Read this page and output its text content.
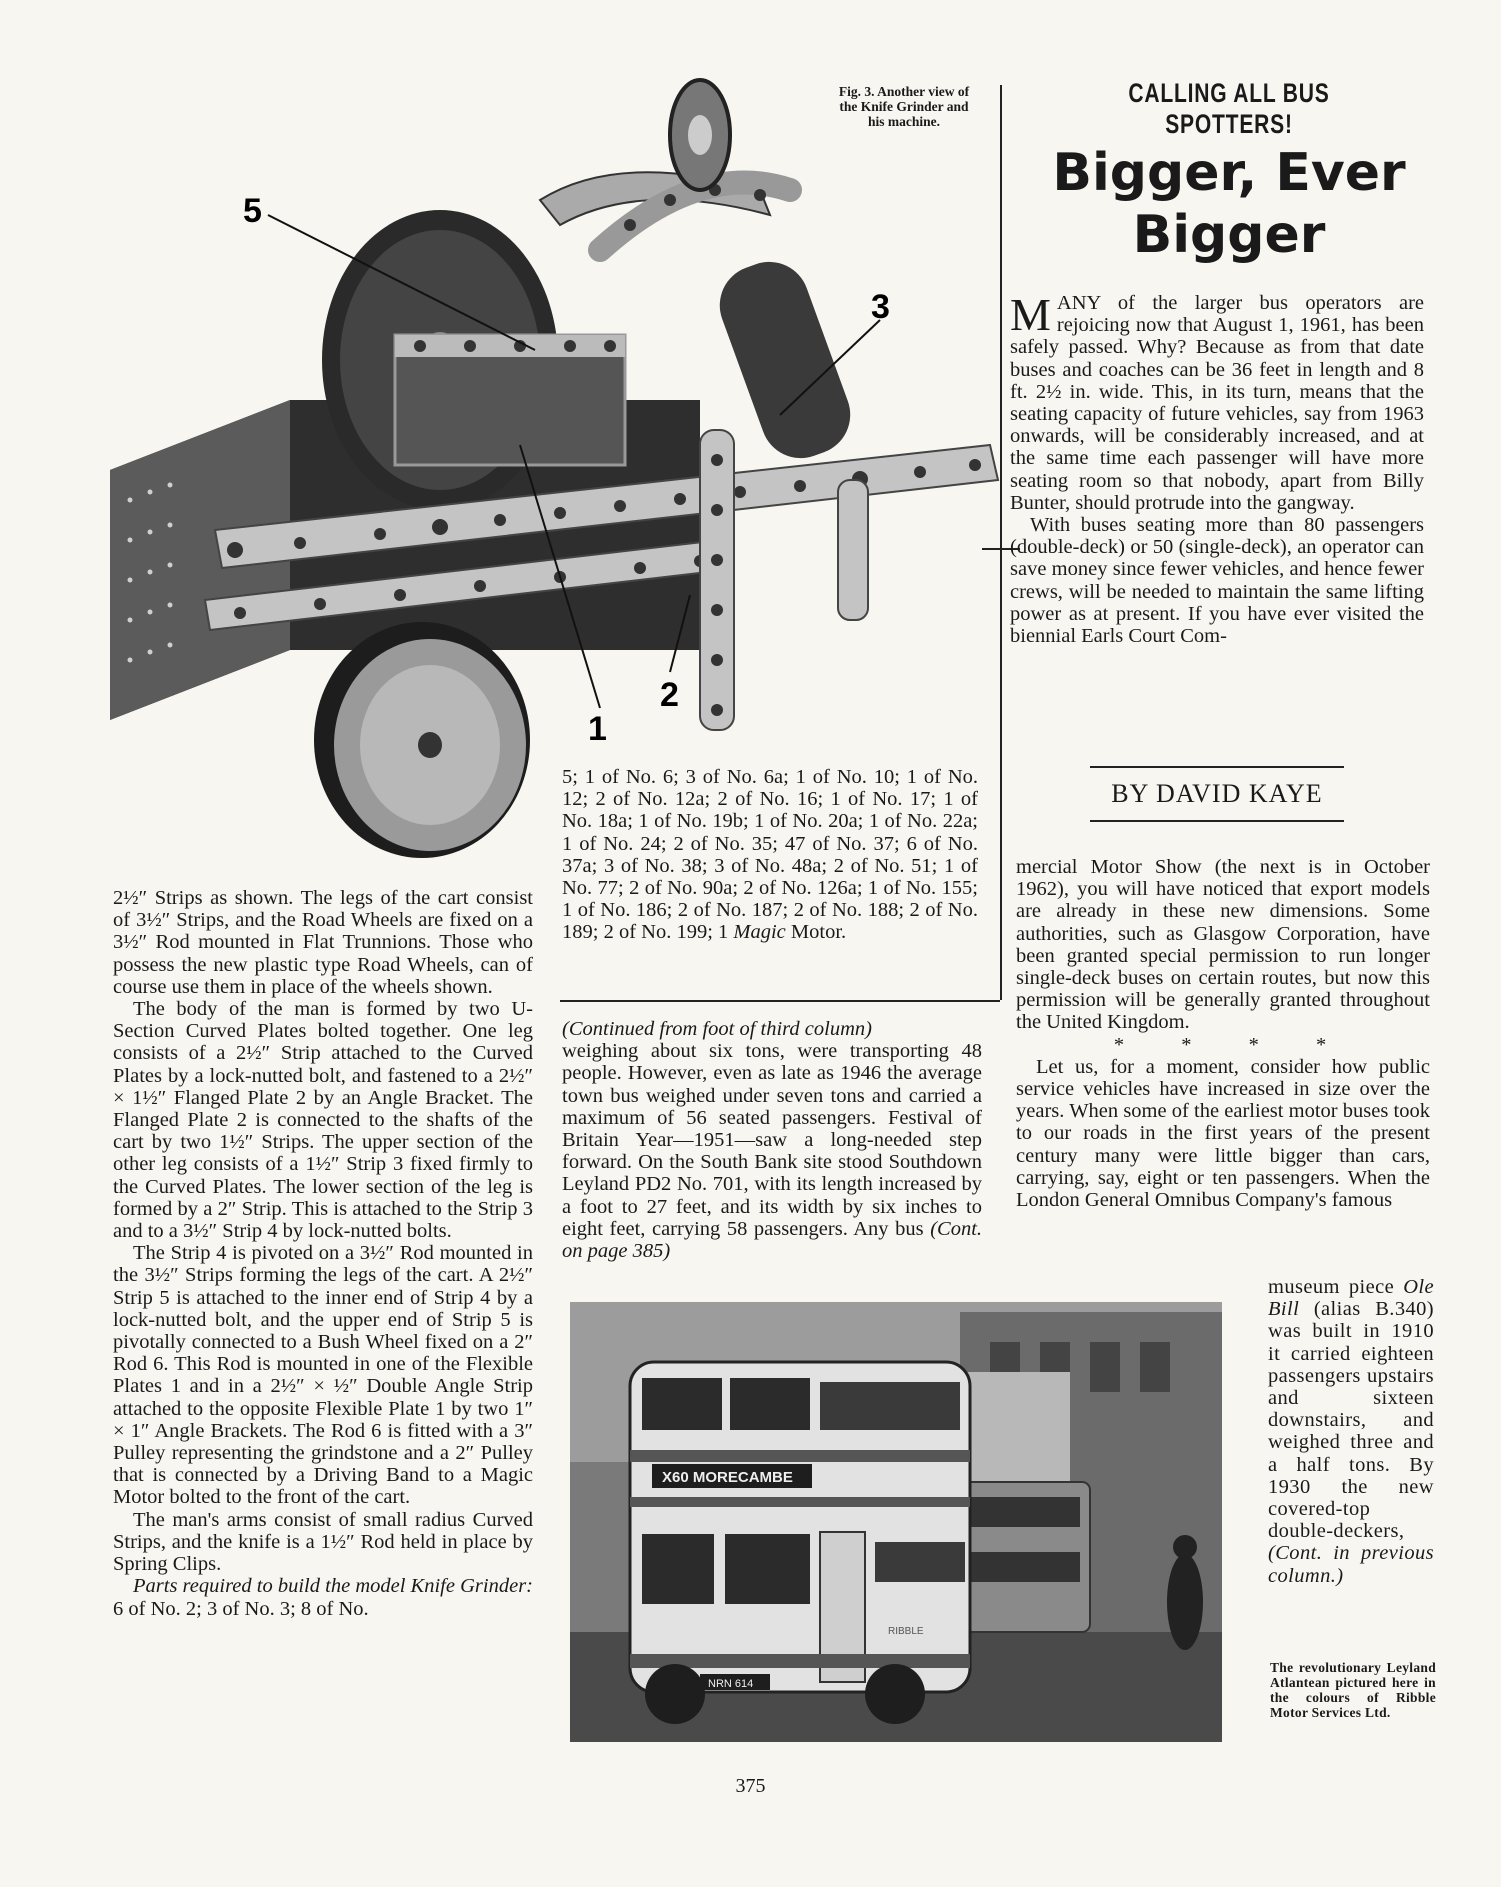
5
3
1
2
Fig. 3. Another view of the Knife Grinder and his machine.

2½″ Strips as shown. The legs of the cart consist of 3½″ Strips, and the Road Wheels are fixed on a 3½″ Rod mounted in Flat Trunnions. Those who possess the new plastic type Road Wheels, can of course use them in place of the wheels shown.

The body of the man is formed by two U-Section Curved Plates bolted together. One leg consists of a 2½″ Strip attached to the Curved Plates by a lock-nutted bolt, and fastened to a 2½″ × 1½″ Flanged Plate 2 by an Angle Bracket. The Flanged Plate 2 is connected to the shafts of the cart by two 1½″ Strips. The upper section of the other leg consists of a 1½″ Strip 3 fixed firmly to the Curved Plates. The lower section of the leg is formed by a 2″ Strip. This is attached to the Strip 3 and to a 3½″ Strip 4 by lock-nutted bolts.

The Strip 4 is pivoted on a 3½″ Rod mounted in the 3½″ Strips forming the legs of the cart. A 2½″ Strip 5 is attached to the inner end of Strip 4 by a lock-nutted bolt, and the upper end of Strip 5 is pivotally connected to a Bush Wheel fixed on a 2″ Rod 6. This Rod is mounted in one of the Flexible Plates 1 and in a 2½″ × ½″ Double Angle Strip attached to the opposite Flexible Plate 1 by two 1″ × 1″ Angle Brackets. The Rod 6 is fitted with a 3″ Pulley representing the grindstone and a 2″ Pulley that is connected by a Driving Band to a Magic Motor bolted to the front of the cart.

The man's arms consist of small radius Curved Strips, and the knife is a 1½″ Rod held in place by Spring Clips.

Parts required to build the model Knife Grinder: 6 of No. 2; 3 of No. 3; 8 of No.

5; 1 of No. 6; 3 of No. 6a; 1 of No. 10; 1 of No. 12; 2 of No. 12a; 2 of No. 16; 1 of No. 17; 1 of No. 18a; 1 of No. 19b; 1 of No. 20a; 1 of No. 22a; 1 of No. 24; 2 of No. 35; 47 of No. 37; 6 of No. 37a; 3 of No. 38; 3 of No. 48a; 2 of No. 51; 1 of No. 77; 2 of No. 90a; 2 of No. 126a; 1 of No. 155; 1 of No. 186; 2 of No. 187; 2 of No. 188; 2 of No. 189; 2 of No. 199; 1 Magic Motor.

(Continued from foot of third column)

weighing about six tons, were transporting 48 people. However, even as late as 1946 the average town bus weighed under seven tons and carried a maximum of 56 seated passengers. Festival of Britain Year—1951—saw a long-needed step forward. On the South Bank site stood Southdown Leyland PD2 No. 701, with its length increased by a foot to 27 feet, and its width by six inches to eight feet, carrying 58 passengers. Any bus (Cont. on page 385)

CALLING ALL BUS SPOTTERS!
Bigger, Ever Bigger

MANY of the larger bus operators are rejoicing now that August 1, 1961, has been safely passed. Why? Because as from that date buses and coaches can be 36 feet in length and 8 ft. 2½ in. wide. This, in its turn, means that the seating capacity of future vehicles, say from 1963 onwards, will be considerably increased, and at the same time each passenger will have more seating room so that nobody, apart from Billy Bunter, should protrude into the gangway.

With buses seating more than 80 passengers (double-deck) or 50 (single-deck), an operator can save money since fewer vehicles, and hence fewer crews, will be needed to maintain the same lifting power as at present. If you have ever visited the biennial Earls Court Com-

BY DAVID KAYE

mercial Motor Show (the next is in October 1962), you will have noticed that export models are already in these new dimensions. Some authorities, such as Glasgow Corporation, have been granted special permission to run longer single-deck buses on certain routes, but now this permission will be generally granted throughout the United Kingdom.

* * * *

Let us, for a moment, consider how public service vehicles have increased in size over the years. When some of the earliest motor buses took to our roads in the first years of the present century many were little bigger than cars, carrying, say, eight or ten passengers. When the London General Omnibus Company's famous

museum piece Ole Bill (alias B.340) was built in 1910 it carried eighteen passengers upstairs and sixteen downstairs, and weighed three and a half tons. By 1930 the new covered-top double-deckers, (Cont. in previous column.)

The revolutionary Leyland Atlantean pictured here in the colours of Ribble Motor Services Ltd.
X60 MORECAMBE
RIBBLE
NRN 614
375
